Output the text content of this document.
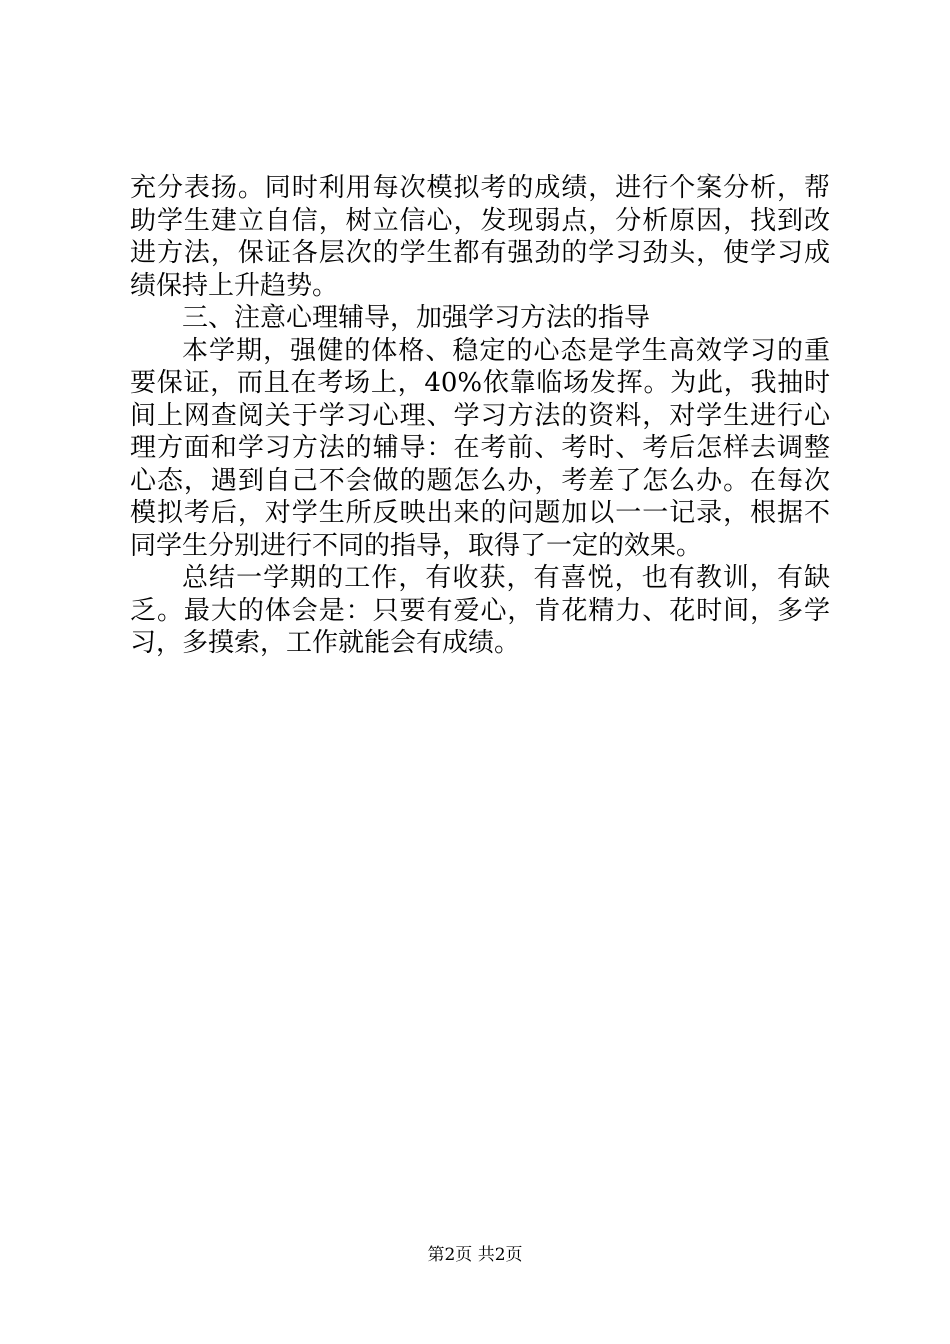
充分表扬。同时利用每次模拟考的成绩，进行个案分析，帮助学生建立自信，树立信心，发现弱点，分析原因，找到改进方法，保证各层次的学生都有强劲的学习劲头，使学习成绩保持上升趋势。

三、注意心理辅导，加强学习方法的指导

本学期，强健的体格、稳定的心态是学生高效学习的重要保证，而且在考场上，40%依靠临场发挥。为此，我抽时间上网查阅关于学习心理、学习方法的资料，对学生进行心理方面和学习方法的辅导：在考前、考时、考后怎样去调整心态，遇到自己不会做的题怎么办，考差了怎么办。在每次模拟考后，对学生所反映出来的问题加以一一记录，根据不同学生分别进行不同的指导，取得了一定的效果。

总结一学期的工作，有收获，有喜悦，也有教训，有缺乏。最大的体会是：只要有爱心，肯花精力、花时间，多学习，多摸索，工作就能会有成绩。

第2页 共2页
